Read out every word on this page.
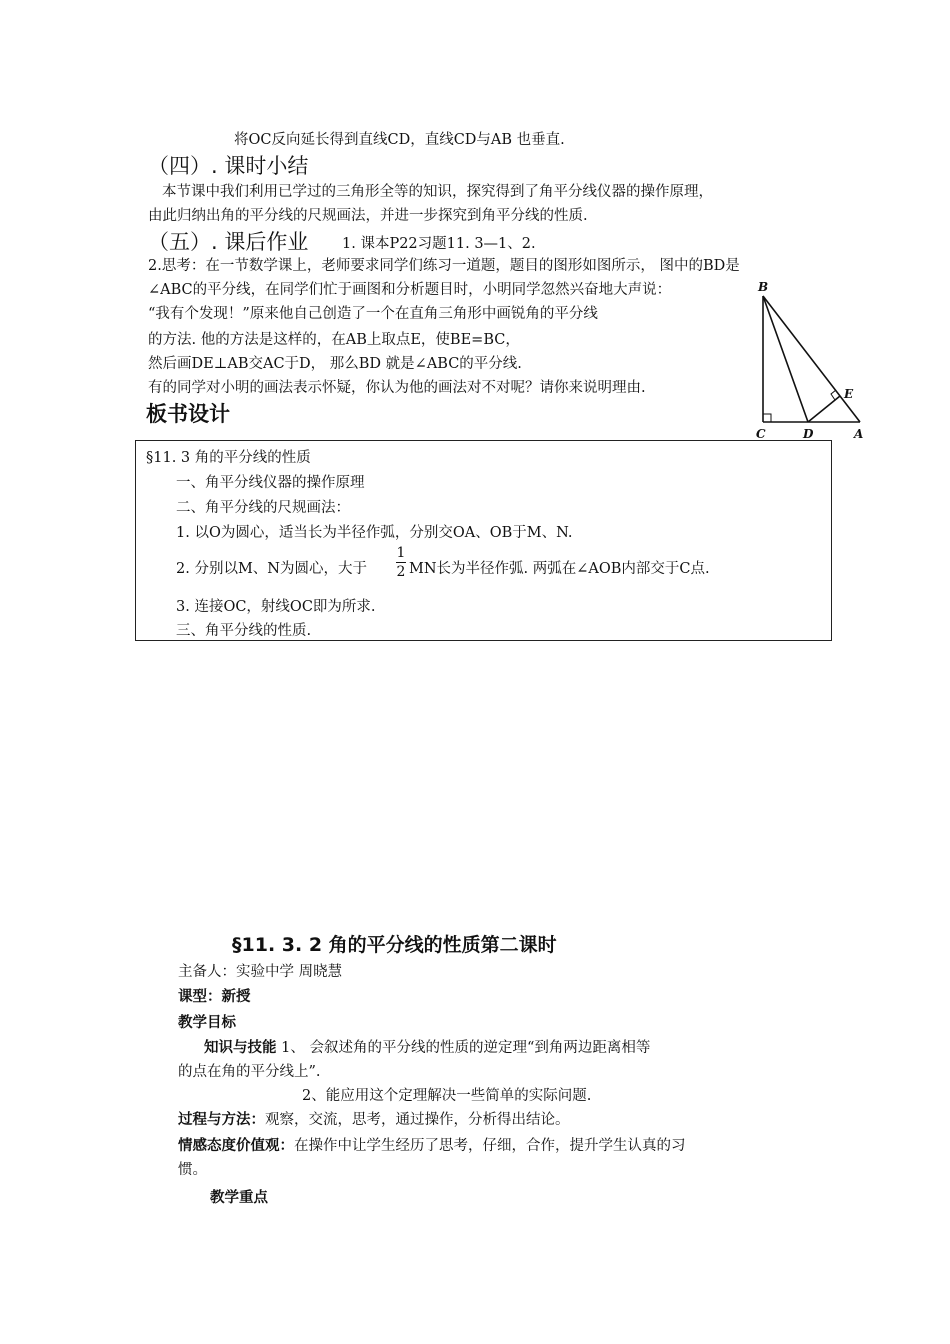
将OC反向延长得到直线CD，直线CD与AB 也垂直.
（四）. 课时小结
本节课中我们利用已学过的三角形全等的知识，探究得到了角平分线仪器的操作原理，
由此归纳出角的平分线的尺规画法，并进一步探究到角平分线的性质.
（五）. 课后作业 1. 课本P22习题11. 3—1、2.
2.思考：在一节数学课上，老师要求同学们练习一道题，题目的图形如图所示， 图中的BD是
∠ABC的平分线，在同学们忙于画图和分析题目时，小明同学忽然兴奋地大声说：
“我有个发现！”原来他自己创造了一个在直角三角形中画锐角的平分线
的方法. 他的方法是这样的，在AB上取点E，使BE=BC，
然后画DE⊥AB交AC于D， 那么BD 就是∠ABC的平分线.
有的同学对小明的画法表示怀疑，你认为他的画法对不对呢？请你来说明理由.
板书设计
B
C	D	A
E
§11. 3 角的平分线的性质
一、角平分线仪器的操作原理
二、角平分线的尺规画法：
1. 以O为圆心，适当长为半径作弧，分别交OA、OB于M、N.
2. 分别以M、N为圆心，大于
1
2 MN长为半径作弧. 两弧在∠AOB内部交于C点.
3. 连接OC，射线OC即为所求.
三、角平分线的性质.
§11. 3. 2 角的平分线的性质第二课时
主备人：实验中学 周晓慧
课型：新授
教学目标
知识与技能 1、 会叙述角的平分线的性质的逆定理“到角两边距离相等
的点在角的平分线上”.
2、能应用这个定理解决一些简单的实际问题.
过程与方法：观察，交流，思考，通过操作，分析得出结论。
情感态度价值观：在操作中让学生经历了思考，仔细，合作，提升学生认真的习
惯。
教学重点
